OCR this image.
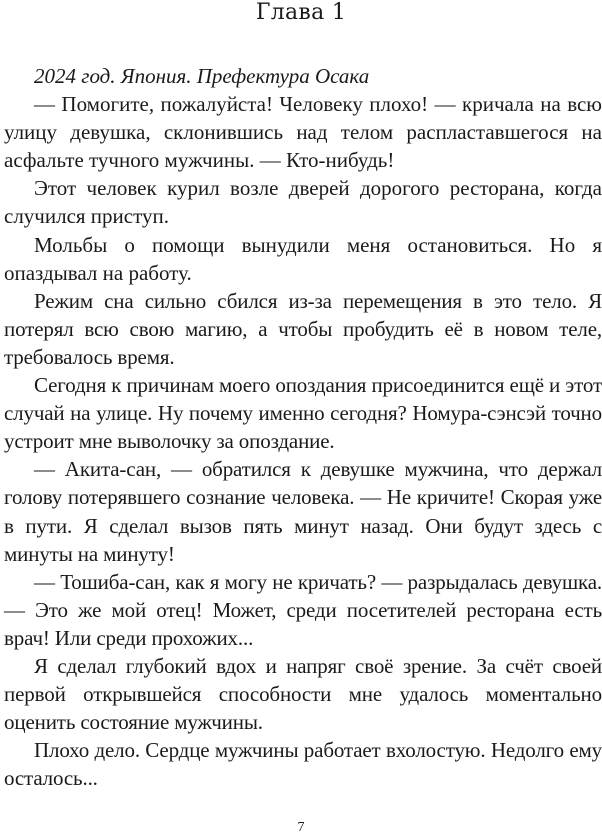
Глава 1

2024 год. Япония. Префектура Осака

— Помогите, пожалуйста! Человеку плохо! — кричала на всю улицу девушка, склонившись над телом распластавшегося на асфальте тучного мужчины. — Кто-нибудь!

Этот человек курил возле дверей дорогого ресторана, когда случился приступ.

Мольбы о помощи вынудили меня остановиться. Но я опаздывал на работу.

Режим сна сильно сбился из-за перемещения в это тело. Я потерял всю свою магию, а чтобы пробудить её в новом теле, требовалось время.

Сегодня к причинам моего опоздания присоединится ещё и этот случай на улице. Ну почему именно сегодня? Номура-сэнсэй точно устроит мне выволочку за опоздание.

— Акита-сан, — обратился к девушке мужчина, что держал голову потерявшего сознание человека. — Не кричите! Скорая уже в пути. Я сделал вызов пять минут назад. Они будут здесь с минуты на минуту!

— Тошиба-сан, как я могу не кричать? — разрыдалась девушка. — Это же мой отец! Может, среди посетителей ресторана есть врач! Или среди прохожих...

Я сделал глубокий вдох и напряг своё зрение. За счёт своей первой открывшейся способности мне удалось моментально оценить состояние мужчины.

Плохо дело. Сердце мужчины работает вхолостую. Недолго ему осталось...

7
